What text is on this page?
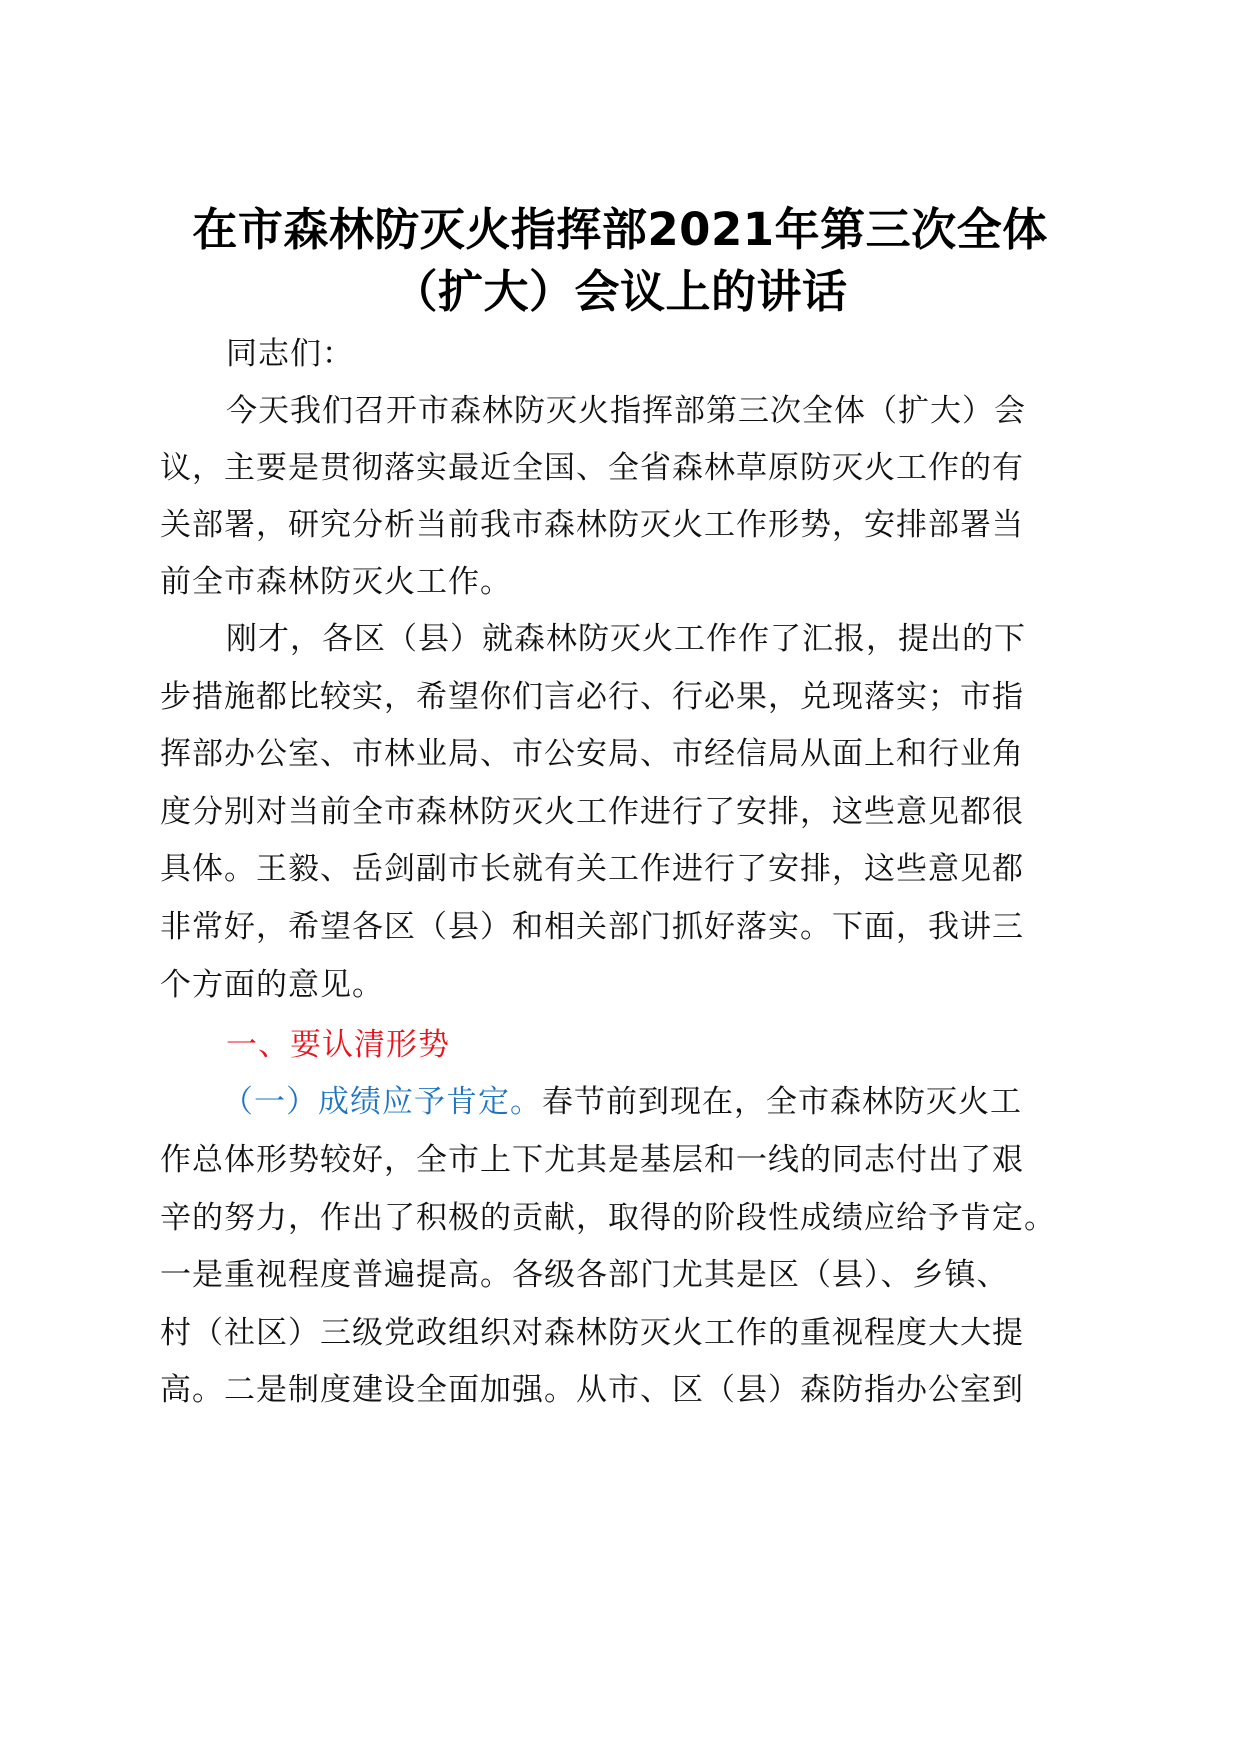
在市森林防灭火指挥部2021年第三次全体
（扩大）会议上的讲话
同志们：
今天我们召开市森林防灭火指挥部第三次全体（扩大）会
议，主要是贯彻落实最近全国、全省森林草原防灭火工作的有
关部署，研究分析当前我市森林防灭火工作形势，安排部署当
前全市森林防灭火工作。
刚才，各区（县）就森林防灭火工作作了汇报，提出的下
步措施都比较实，希望你们言必行、行必果，兑现落实；市指
挥部办公室、市林业局、市公安局、市经信局从面上和行业角
度分别对当前全市森林防灭火工作进行了安排，这些意见都很
具体。王毅、岳剑副市长就有关工作进行了安排，这些意见都
非常好，希望各区（县）和相关部门抓好落实。下面，我讲三
个方面的意见。
一、要认清形势
（一）成绩应予肯定。春节前到现在，全市森林防灭火工
作总体形势较好，全市上下尤其是基层和一线的同志付出了艰
辛的努力，作出了积极的贡献，取得的阶段性成绩应给予肯定。
一是重视程度普遍提高。各级各部门尤其是区（县）、乡镇、
村（社区）三级党政组织对森林防灭火工作的重视程度大大提
高。二是制度建设全面加强。从市、区（县）森防指办公室到
